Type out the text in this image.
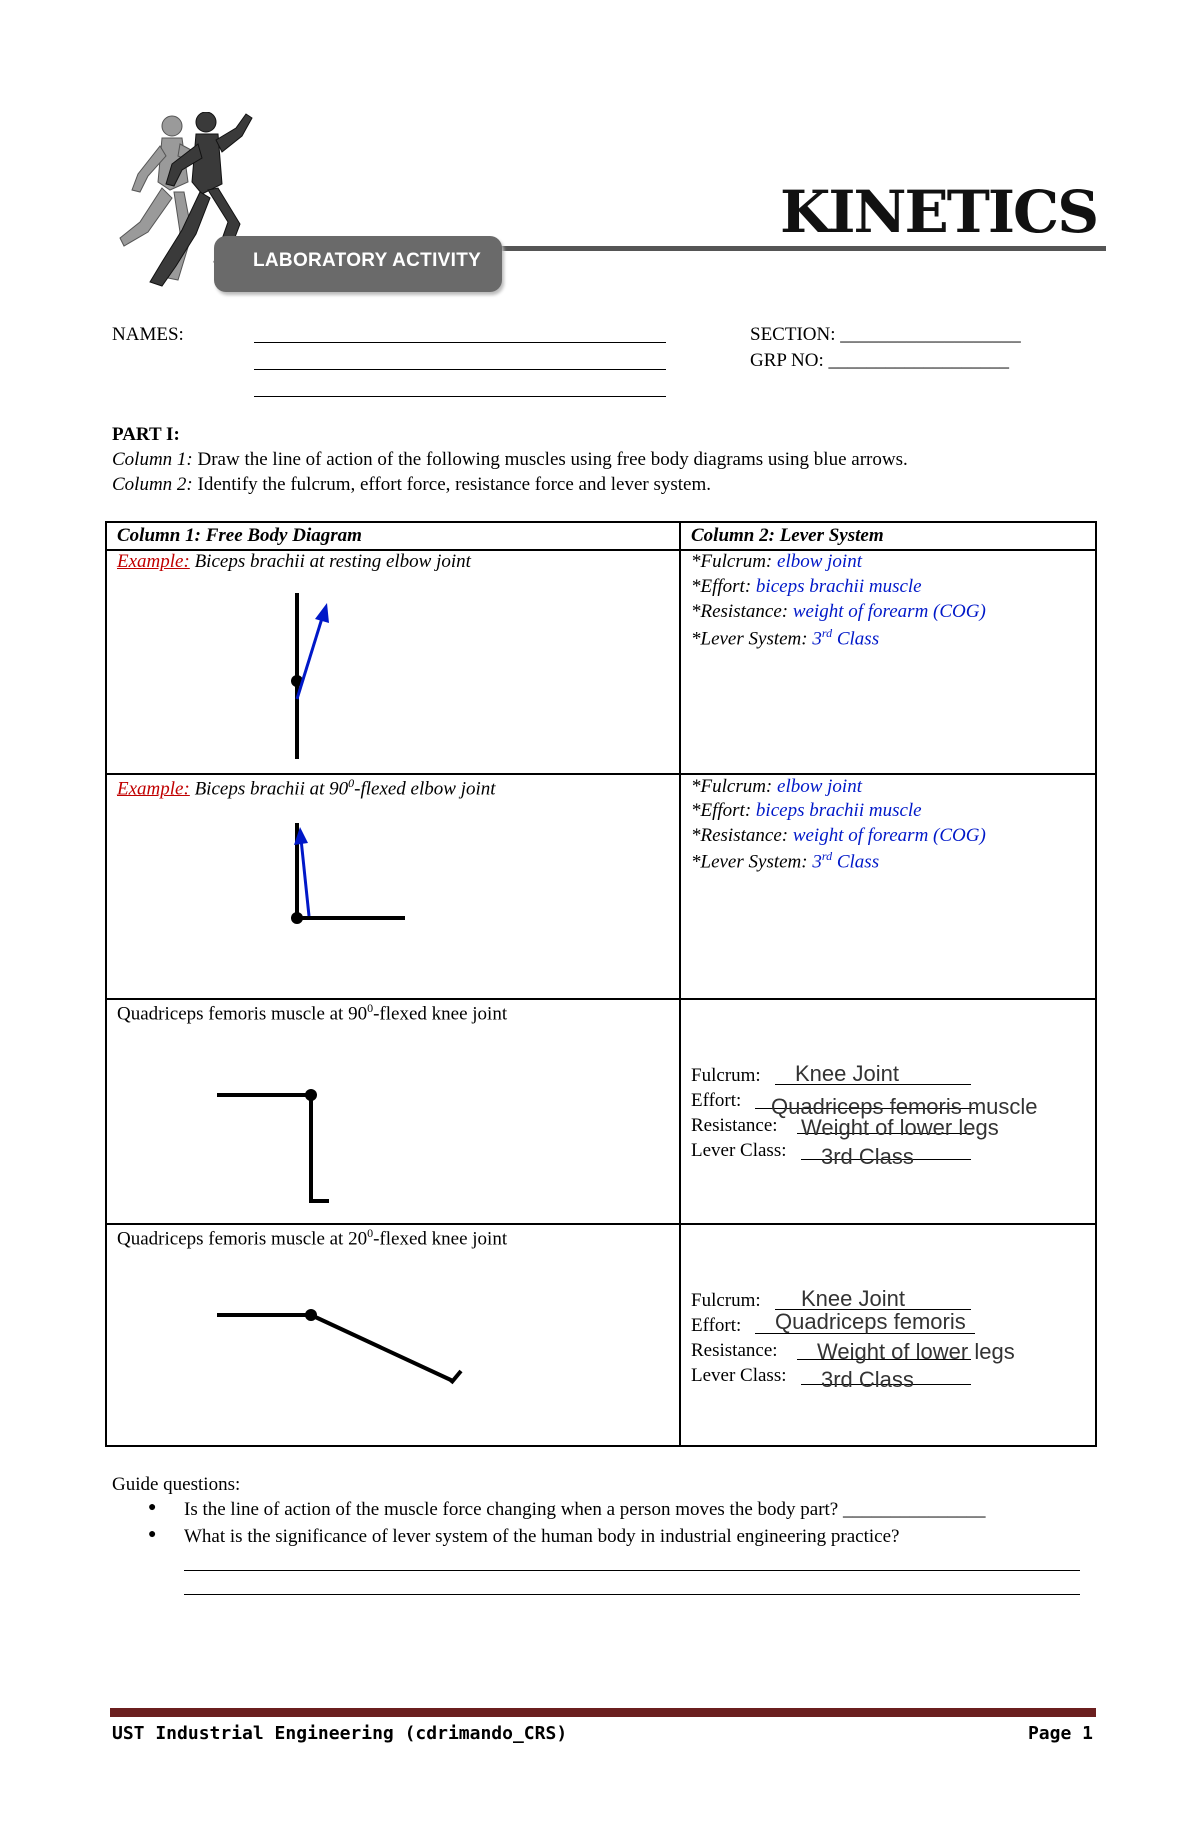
KINETICS
LABORATORY ACTIVITY
NAMES:	SECTION: ___________________
GRP NO: ___________________
PART I:
Column 1: Draw the line of action of the following muscles using free body diagrams using blue arrows.
Column 2: Identify the fulcrum, effort force, resistance force and lever system.
Column 1: Free Body Diagram	Column 2: Lever System
Example: Biceps brachii at resting elbow joint	*Fulcrum: elbow joint
*Effort: biceps brachii muscle
*Resistance: weight of forearm (COG)
*Lever System: 3rd Class
Example: Biceps brachii at $90^0$-flexed elbow joint	*Fulcrum: elbow joint
*Effort: biceps brachii muscle
*Resistance: weight of forearm (COG)
*Lever System: 3rd Class
Quadriceps femoris muscle at $90^0$-flexed knee joint
Fulcrum: Knee Joint
Effort: Quadriceps femoris muscle
Resistance: Weight of lower legs
Lever Class: 3rd Class
Quadriceps femoris muscle at $20^0$-flexed knee joint
Fulcrum: Knee Joint
Effort: Quadriceps femoris
Resistance: Weight of lower legs
Lever Class: 3rd Class
Guide questions:
● Is the line of action of the muscle force changing when a person moves the body part? _______________
● What is the significance of lever system of the human body in industrial engineering practice?
UST Industrial Engineering (cdrimando_CRS)	Page 1
